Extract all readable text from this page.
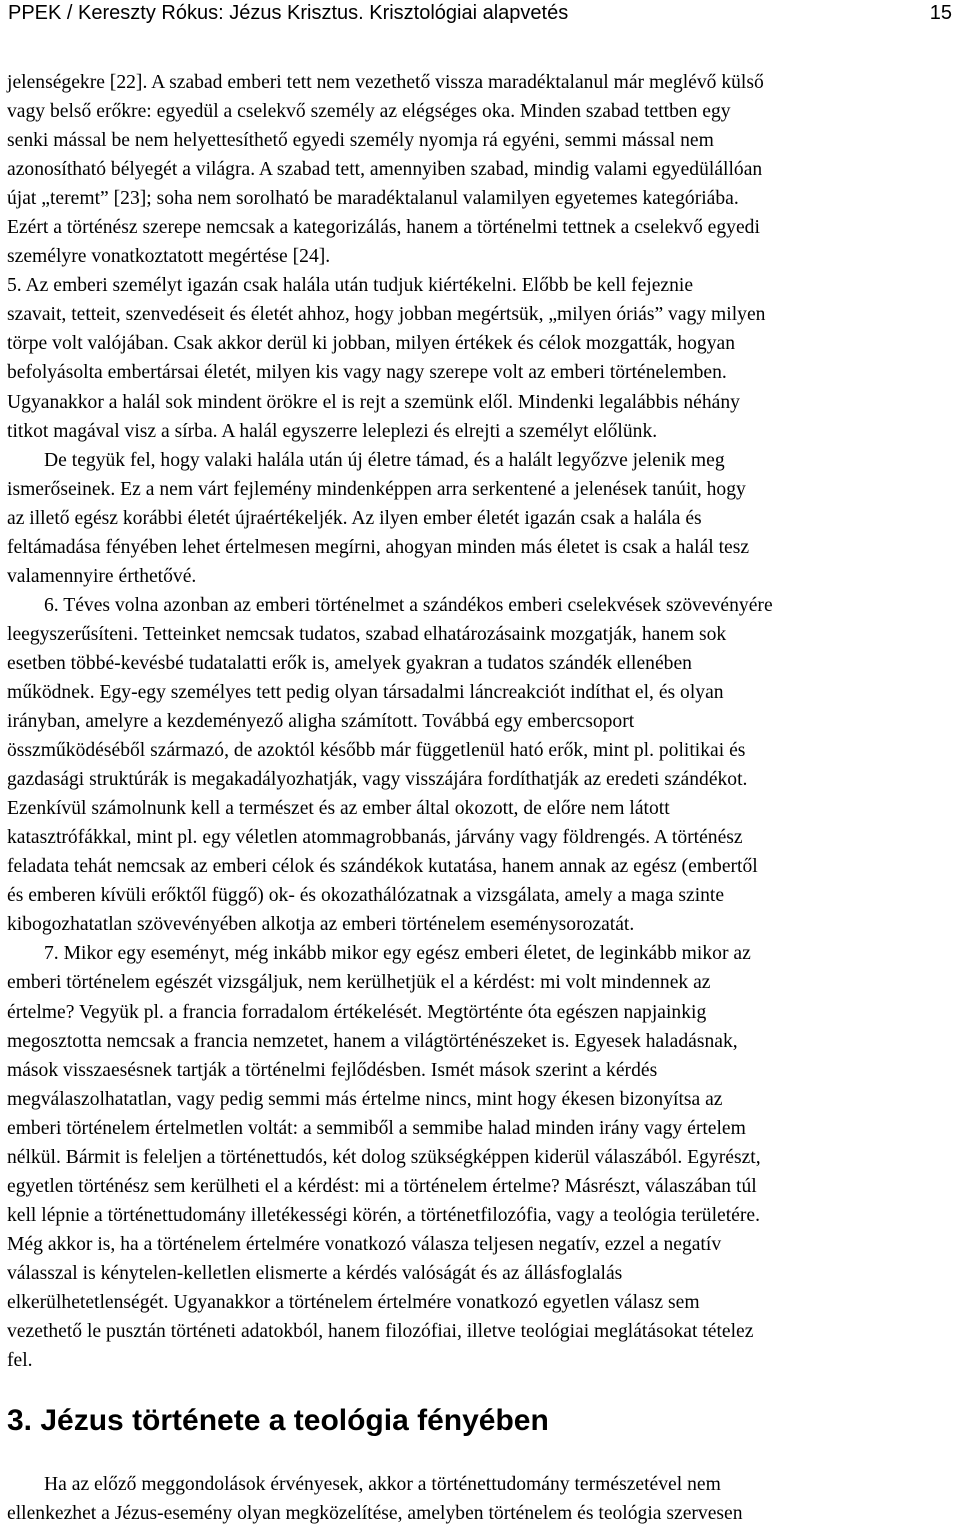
PPEK / Kereszty Rókus: Jézus Krisztus. Krisztológiai alapvetés	15
jelenségekre [22]. A szabad emberi tett nem vezethető vissza maradéktalanul már meglévő külső
vagy belső erőkre: egyedül a cselekvő személy az elégséges oka. Minden szabad tettben egy
senki mással be nem helyettesíthető egyedi személy nyomja rá egyéni, semmi mással nem
azonosítható bélyegét a világra. A szabad tett, amennyiben szabad, mindig valami egyedülállóan
újat „teremt” [23]; soha nem sorolható be maradéktalanul valamilyen egyetemes kategóriába.
Ezért a történész szerepe nemcsak a kategorizálás, hanem a történelmi tettnek a cselekvő egyedi
személyre vonatkoztatott megértése [24].
5. Az emberi személyt igazán csak halála után tudjuk kiértékelni. Előbb be kell fejeznie
szavait, tetteit, szenvedéseit és életét ahhoz, hogy jobban megértsük, „milyen óriás” vagy milyen
törpe volt valójában. Csak akkor derül ki jobban, milyen értékek és célok mozgatták, hogyan
befolyásolta embertársai életét, milyen kis vagy nagy szerepe volt az emberi történelemben.
Ugyanakkor a halál sok mindent örökre el is rejt a szemünk elől. Mindenki legalábbis néhány
titkot magával visz a sírba. A halál egyszerre leleplezi és elrejti a személyt előlünk.
De tegyük fel, hogy valaki halála után új életre támad, és a halált legyőzve jelenik meg
ismerőseinek. Ez a nem várt fejlemény mindenképpen arra serkentené a jelenések tanúit, hogy
az illető egész korábbi életét újraértékeljék. Az ilyen ember életét igazán csak a halála és
feltámadása fényében lehet értelmesen megírni, ahogyan minden más életet is csak a halál tesz
valamennyire érthetővé.
6. Téves volna azonban az emberi történelmet a szándékos emberi cselekvések szövevényére
leegyszerűsíteni. Tetteinket nemcsak tudatos, szabad elhatározásaink mozgatják, hanem sok
esetben többé-kevésbé tudatalatti erők is, amelyek gyakran a tudatos szándék ellenében
működnek. Egy-egy személyes tett pedig olyan társadalmi láncreakciót indíthat el, és olyan
irányban, amelyre a kezdeményező aligha számított. Továbbá egy embercsoport
összműködéséből származó, de azoktól később már függetlenül ható erők, mint pl. politikai és
gazdasági struktúrák is megakadályozhatják, vagy visszájára fordíthatják az eredeti szándékot.
Ezenkívül számolnunk kell a természet és az ember által okozott, de előre nem látott
katasztrófákkal, mint pl. egy véletlen atommagrobbanás, járvány vagy földrengés. A történész
feladata tehát nemcsak az emberi célok és szándékok kutatása, hanem annak az egész (embertől
és emberen kívüli erőktől függő) ok- és okozathálózatnak a vizsgálata, amely a maga szinte
kibogozhatatlan szövevényében alkotja az emberi történelem eseménysorozatát.
7. Mikor egy eseményt, még inkább mikor egy egész emberi életet, de leginkább mikor az
emberi történelem egészét vizsgáljuk, nem kerülhetjük el a kérdést: mi volt mindennek az
értelme? Vegyük pl. a francia forradalom értékelését. Megtörténte óta egészen napjainkig
megosztotta nemcsak a francia nemzetet, hanem a világtörténészeket is. Egyesek haladásnak,
mások visszaesésnek tartják a történelmi fejlődésben. Ismét mások szerint a kérdés
megválaszolhatatlan, vagy pedig semmi más értelme nincs, mint hogy ékesen bizonyítsa az
emberi történelem értelmetlen voltát: a semmiből a semmibe halad minden irány vagy értelem
nélkül. Bármit is feleljen a történettudós, két dolog szükségképpen kiderül válaszából. Egyrészt,
egyetlen történész sem kerülheti el a kérdést: mi a történelem értelme? Másrészt, válaszában túl
kell lépnie a történettudomány illetékességi körén, a történetfilozófia, vagy a teológia területére.
Még akkor is, ha a történelem értelmére vonatkozó válasza teljesen negatív, ezzel a negatív
válasszal is kénytelen-kelletlen elismerte a kérdés valóságát és az állásfoglalás
elkerülhetetlenségét. Ugyanakkor a történelem értelmére vonatkozó egyetlen válasz sem
vezethető le pusztán történeti adatokból, hanem filozófiai, illetve teológiai meglátásokat tételez
fel.
3. Jézus története a teológia fényében
Ha az előző meggondolások érvényesek, akkor a történettudomány természetével nem
ellenkezhet a Jézus-esemény olyan megközelítése, amelyben történelem és teológia szervesen
